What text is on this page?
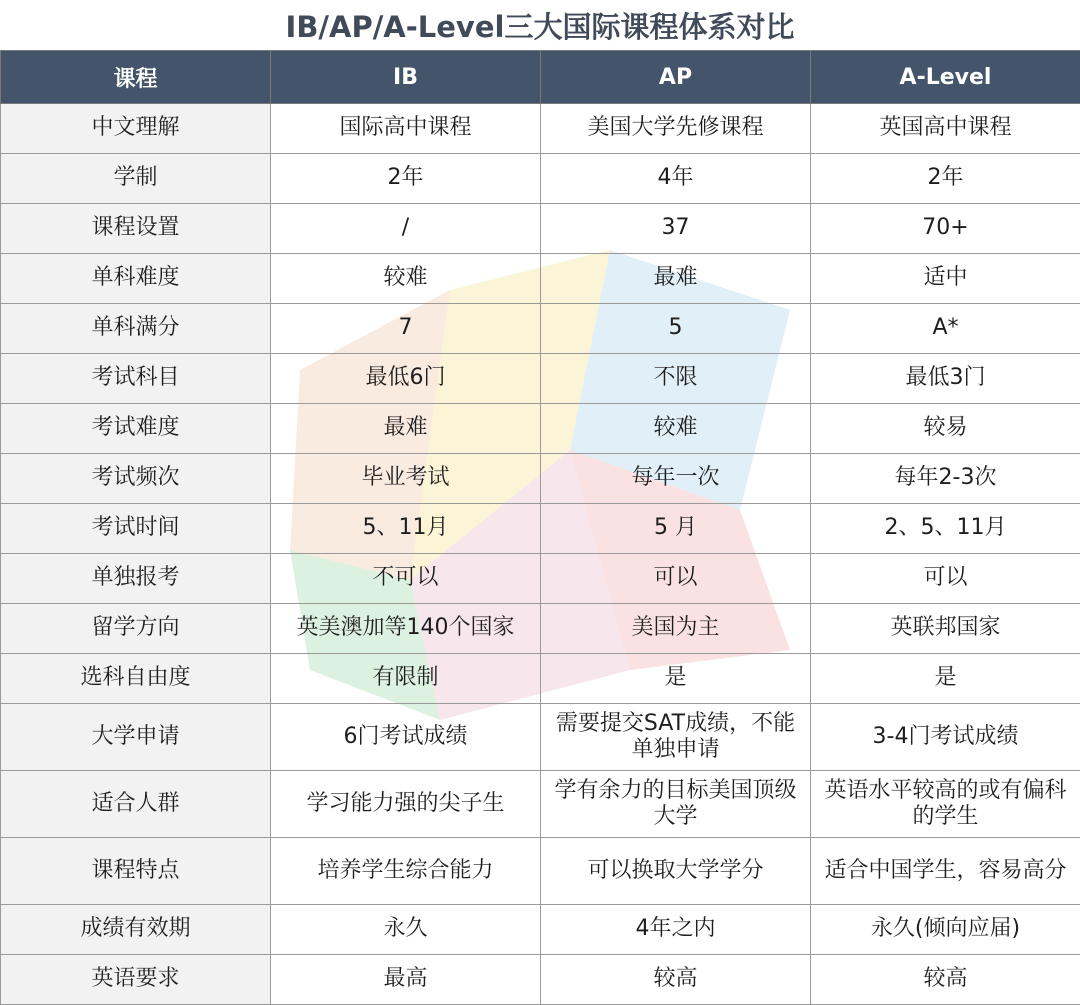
IB/AP/A-Level三大国际课程体系对比
课程	IB	AP	A-Level
中文理解	国际高中课程	美国大学先修课程	英国高中课程
学制	2年	4年	2年
课程设置	/	37	70+
单科难度	较难	最难	适中
单科满分	7	5	A*
考试科目	最低6门	不限	最低3门
考试难度	最难	较难	较易
考试频次	毕业考试	每年一次	每年2-3次
考试时间	5、11月	5 月	2、5、11月
单独报考	不可以	可以	可以
留学方向	英美澳加等140个国家	美国为主	英联邦国家
选科自由度	有限制	是	是
大学申请	6门考试成绩	需要提交SAT成绩，不能单独申请	3-4门考试成绩
适合人群	学习能力强的尖子生	学有余力的目标美国顶级大学	英语水平较高的或有偏科的学生
课程特点	培养学生综合能力	可以换取大学学分	适合中国学生，容易高分
成绩有效期	永久	4年之内	永久(倾向应届)
英语要求	最高	较高	较高
